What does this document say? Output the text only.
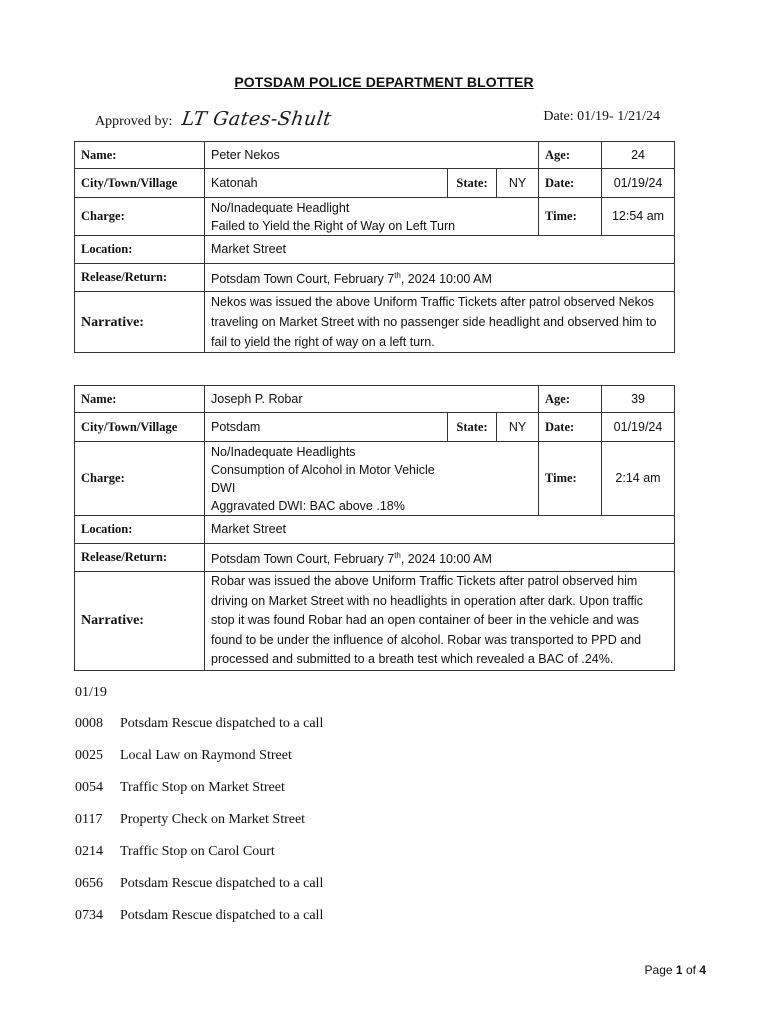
POTSDAM POLICE DEPARTMENT BLOTTER
Approved by: LT Gates-Shult	Date: 01/19- 1/21/24
Name:	Peter Nekos			Age:	24
City/Town/Village	Katonah	State:	NY	Date:	01/19/24
Charge:	No/Inadequate Headlight
Failed to Yield the Right of Way on Left Turn			Time:	12:54 am
Location:	Market Street				
Release/Return:	Potsdam Town Court, February 7th, 2024 10:00 AM				
Narrative:	Nekos was issued the above Uniform Traffic Tickets after patrol observed Nekos traveling on Market Street with no passenger side headlight and observed him to fail to yield the right of way on a left turn.				
Name:	Joseph P. Robar			Age:	39
City/Town/Village	Potsdam	State:	NY	Date:	01/19/24
Charge:	No/Inadequate Headlights
Consumption of Alcohol in Motor Vehicle
DWI
Aggravated DWI: BAC above .18%			Time:	2:14 am
Location:	Market Street				
Release/Return:	Potsdam Town Court, February 7th, 2024 10:00 AM				
Narrative:	Robar was issued the above Uniform Traffic Tickets after patrol observed him driving on Market Street with no headlights in operation after dark. Upon traffic stop it was found Robar had an open container of beer in the vehicle and was found to be under the influence of alcohol. Robar was transported to PPD and processed and submitted to a breath test which revealed a BAC of .24%.				
01/19
0008	Potsdam Rescue dispatched to a call
0025	Local Law on Raymond Street
0054	Traffic Stop on Market Street
0117	Property Check on Market Street
0214	Traffic Stop on Carol Court
0656	Potsdam Rescue dispatched to a call
0734	Potsdam Rescue dispatched to a call
Page 1 of 4
